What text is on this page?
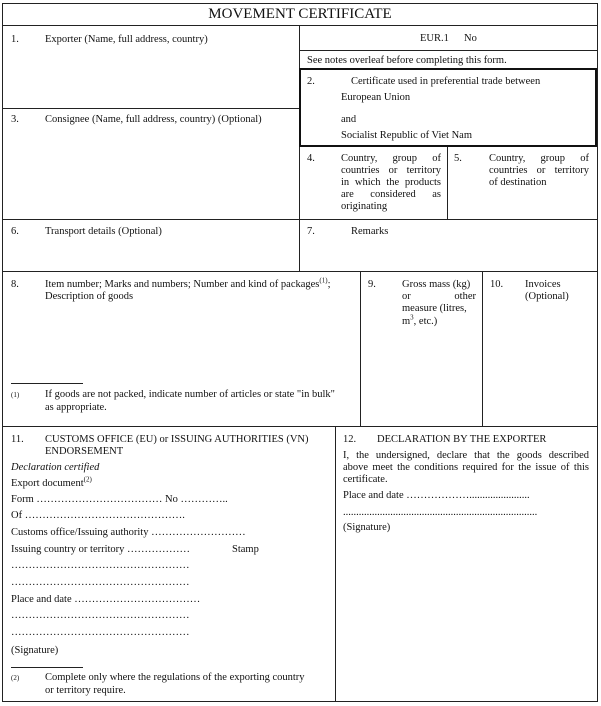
MOVEMENT CERTIFICATE
1. Exporter (Name, full address, country)	EUR.1 No
See notes overleaf before completing this form.
2.	Certificate used in preferential trade between
European Union
and
Socialist Republic of Viet Nam
3. Consignee (Name, full address, country) (Optional)
4. Country, group of
countries or territory
in which the products
are considered as
originating
5.	Country, group of
countries or territory
of destination
6. Transport details (Optional)	7.	Remarks
8. Item number; Marks and numbers; Number and kind of packages$^{(1)}$;
Description of goods
9. Gross mass (kg)
or other
measure (litres,
$m^3$, etc.)
10. Invoices
(Optional)
(1) If goods are not packed, indicate number of articles or state "in bulk"
as appropriate.
11. CUSTOMS OFFICE (EU) or ISSUING AUTHORITIES (VN)
ENDORSEMENT
Declaration certified
Export document$^{(2)}$
Form ……………………………… No …………..
Of ……………………………………….
Customs office/Issuing authority ………………………
Issuing country or territory ………………	Stamp
……………………………………………
……………………………………………
Place and date ………………………………
……………………………………………
……………………………………………
(Signature)
(2) Complete only where the regulations of the exporting country
or territory require.
12. DECLARATION BY THE EXPORTER
I, the undersigned, declare that the goods described
above meet the conditions required for the issue of this
certificate.
Place and date ……………….......................
..........................................................................
(Signature)
